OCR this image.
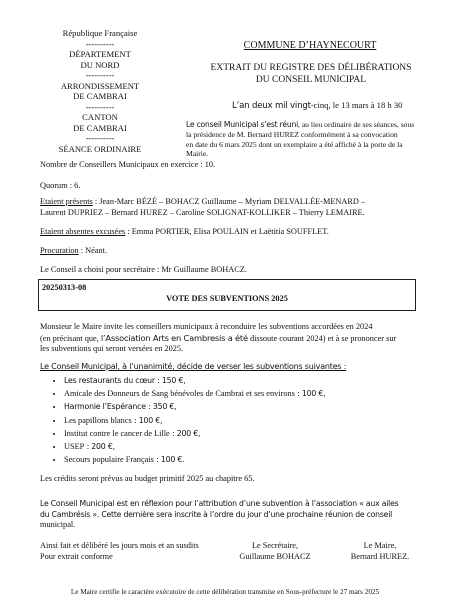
République Française
----------
DÉPARTEMENT
DU NORD
----------
ARRONDISSEMENT
DE CAMBRAI
----------
CANTON
DE CAMBRAI
----------
SÉANCE ORDINAIRE
COMMUNE D’HAYNECOURT
EXTRAIT DU REGISTRE DES DÉLIBÉRATIONS
DU CONSEIL MUNICIPAL
L’an deux mil vingt-cinq, le 13 mars à 18 h 30
Le conseil Municipal s’est réuni, au lieu ordinaire de ses séances, sous
la présidence de M. Bernard HUREZ conformément à sa convocation
en date du 6 mars 2025 dont un exemplaire a été affiché à la porte de la
Mairie.
Nombre de Conseillers Municipaux en exercice : 10.
Quorum : 6.
Etaient présents : Jean-Marc BÉZÉ – BOHACZ Guillaume – Myriam DELVALLÉE-MENARD –
Laurent DUPRIEZ – Bernard HUREZ – Caroline SOLIGNAT-KOLLIKER – Thierry LEMAIRE.
Etaient absentes excusées : Emma PORTIER, Elisa POULAIN et Laëtitia SOUFFLET.
Procuration : Néant.
Le Conseil a choisi pour secrétaire : Mr Guillaume BOHACZ.
20250313-08
VOTE DES SUBVENTIONS 2025
Monsieur le Maire invite les conseillers municipaux à reconduire les subventions accordées en 2024
(en précisant que, l’Association Arts en Cambresis a été dissoute courant 2024) et à se prononcer sur
les subventions qui seront versées en 2025.
Le Conseil Municipal, à l’unanimité, décide de verser les subventions suivantes :
• Les restaurants du cœur : 150 €,
• Amicale des Donneurs de Sang bénévoles de Cambrai et ses environs : 100 €,
• Harmonie l’Espérance : 350 €,
• Les papillons blancs : 100 €,
• Institut contre le cancer de Lille : 200 €,
• USEP : 200 €,
• Secours populaire Français : 100 €.
Les crédits seront prévus au budget primitif 2025 au chapitre 65.
Le Conseil Municipal est en réflexion pour l’attribution d’une subvention à l’association « aux ailes
du Cambrésis ». Cette dernière sera inscrite à l’ordre du jour d’une prochaine réunion de conseil
municipal.
Ainsi fait et délibéré les jours mois et an susdits
Pour extrait conforme
Le Secrétaire,
Guillaume BOHACZ
Le Maire,
Bernard HUREZ.
Le Maire certifie le caractère exécutoire de cette délibération transmise en Sous-préfecture le 27 mars 2025
